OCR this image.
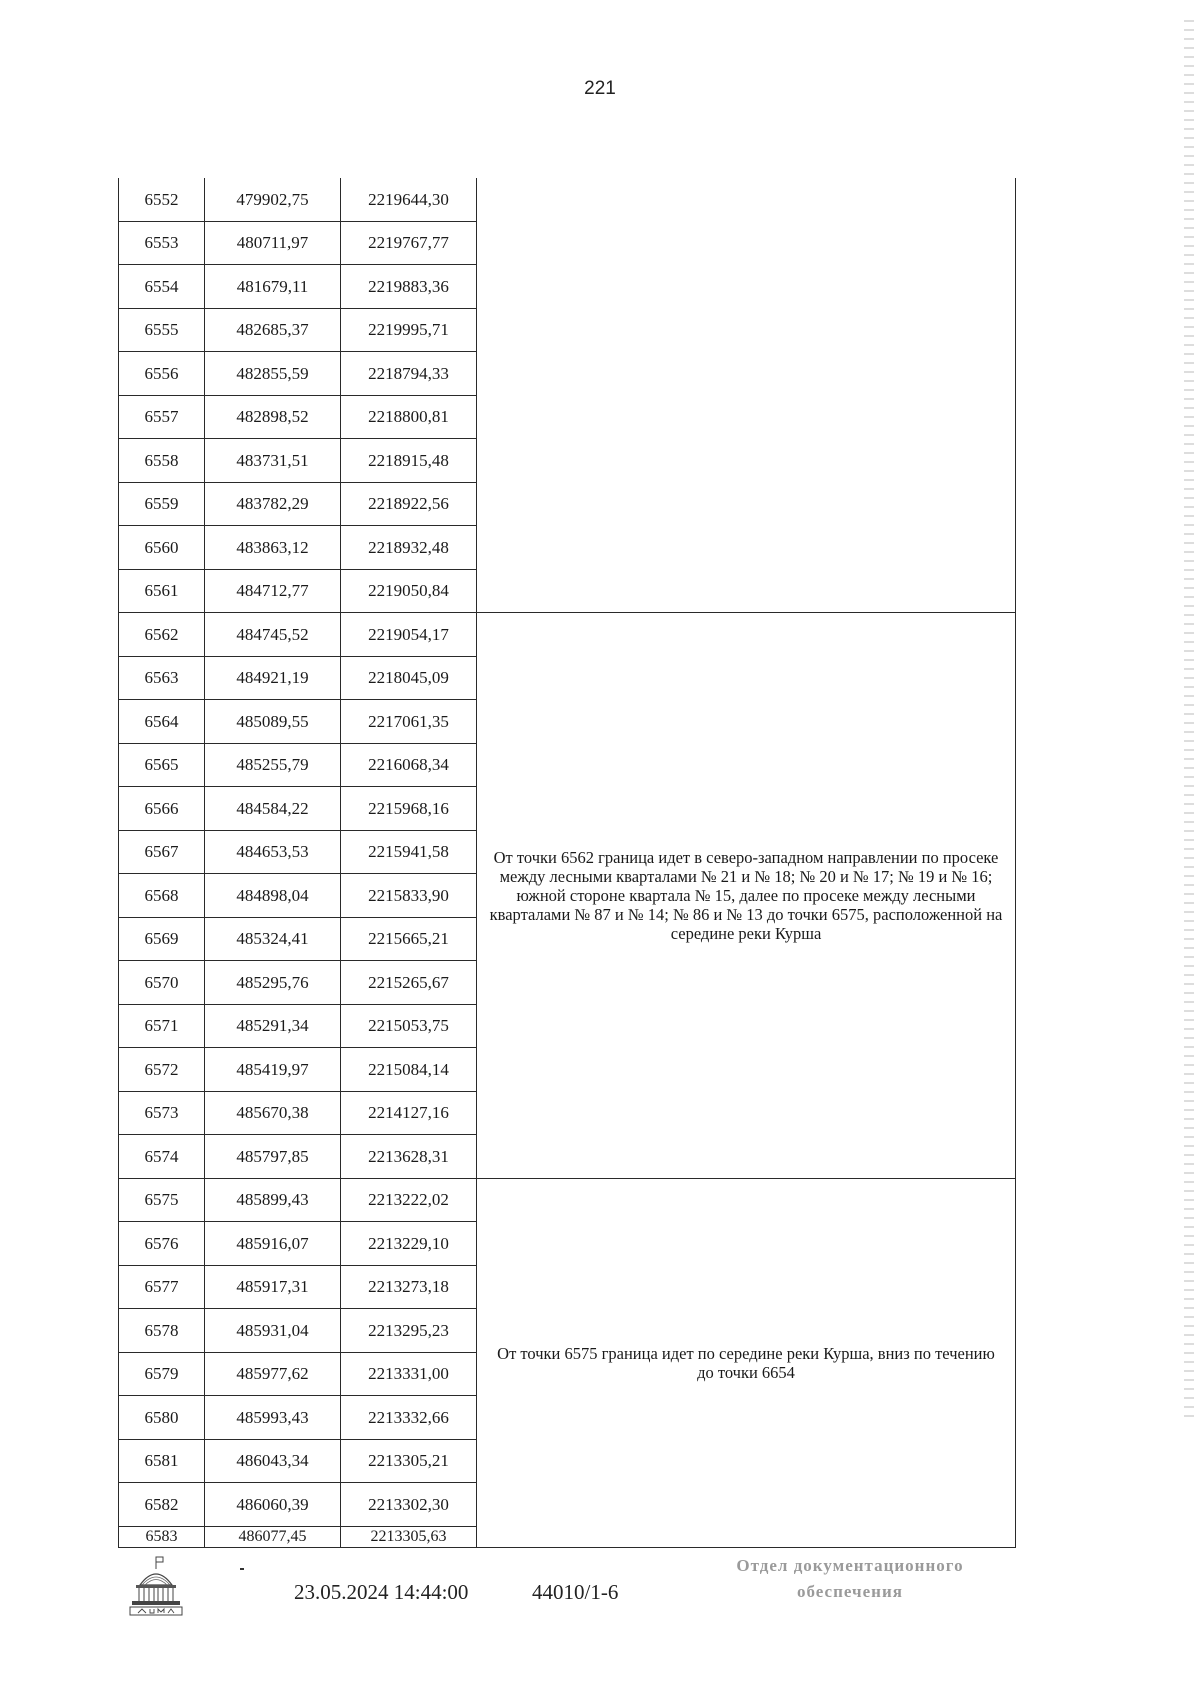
221
6552	479902,75	2219644,30	
6553	480711,97	2219767,77	
6554	481679,11	2219883,36	
6555	482685,37	2219995,71	
6556	482855,59	2218794,33	
6557	482898,52	2218800,81	
6558	483731,51	2218915,48	
6559	483782,29	2218922,56	
6560	483863,12	2218932,48	
6561	484712,77	2219050,84	
6562	484745,52	2219054,17	От точки 6562 граница идет в северо-западном направлении по просеке между лесными кварталами № 21 и № 18; № 20 и № 17; № 19 и № 16; южной стороне квартала № 15, далее по просеке между лесными кварталами № 87 и № 14; № 86 и № 13 до точки 6575, расположенной на середине реки Курша
6563	484921,19	2218045,09	
6564	485089,55	2217061,35	
6565	485255,79	2216068,34	
6566	484584,22	2215968,16	
6567	484653,53	2215941,58	
6568	484898,04	2215833,90	
6569	485324,41	2215665,21	
6570	485295,76	2215265,67	
6571	485291,34	2215053,75	
6572	485419,97	2215084,14	
6573	485670,38	2214127,16	
6574	485797,85	2213628,31	
6575	485899,43	2213222,02	От точки 6575 граница идет по середине реки Курша, вниз по течению до точки 6654
6576	485916,07	2213229,10	
6577	485917,31	2213273,18	
6578	485931,04	2213295,23	
6579	485977,62	2213331,00	
6580	485993,43	2213332,66	
6581	486043,34	2213305,21	
6582	486060,39	2213302,30	
6583	486077,45	2213305,63	
23.05.2024 14:44:00	44010/1-6
Отдел документационного
обеспечения
